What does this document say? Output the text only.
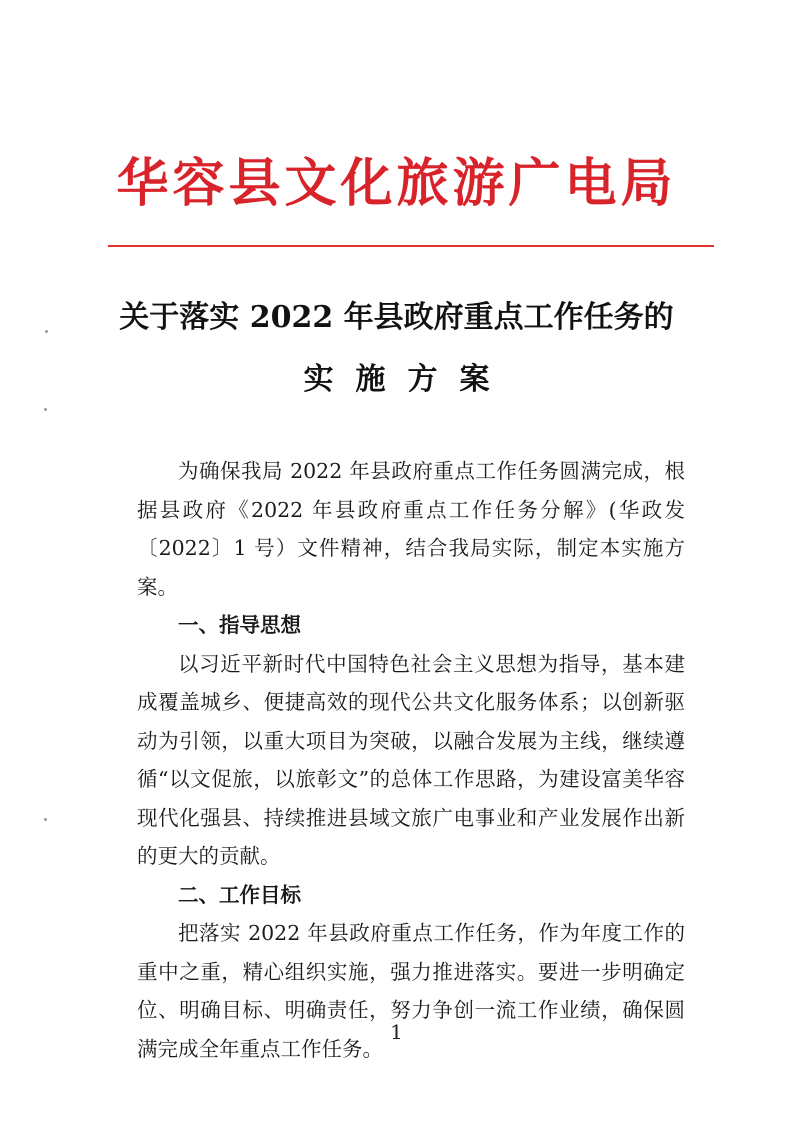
华容县文化旅游广电局
关于落实 2022 年县政府重点工作任务的
实施方案

为确保我局 2022 年县政府重点工作任务圆满完成，根据县政府《2022 年县政府重点工作任务分解》(华政发〔2022〕1 号）文件精神，结合我局实际，制定本实施方案。

一、指导思想

以习近平新时代中国特色社会主义思想为指导，基本建成覆盖城乡、便捷高效的现代公共文化服务体系；以创新驱动为引领，以重大项目为突破，以融合发展为主线，继续遵循“以文促旅，以旅彰文”的总体工作思路，为建设富美华容现代化强县、持续推进县域文旅广电事业和产业发展作出新的更大的贡献。

二、工作目标

把落实 2022 年县政府重点工作任务，作为年度工作的重中之重，精心组织实施，强力推进落实。要进一步明确定位、明确目标、明确责任，努力争创一流工作业绩，确保圆满完成全年重点工作任务。

1
